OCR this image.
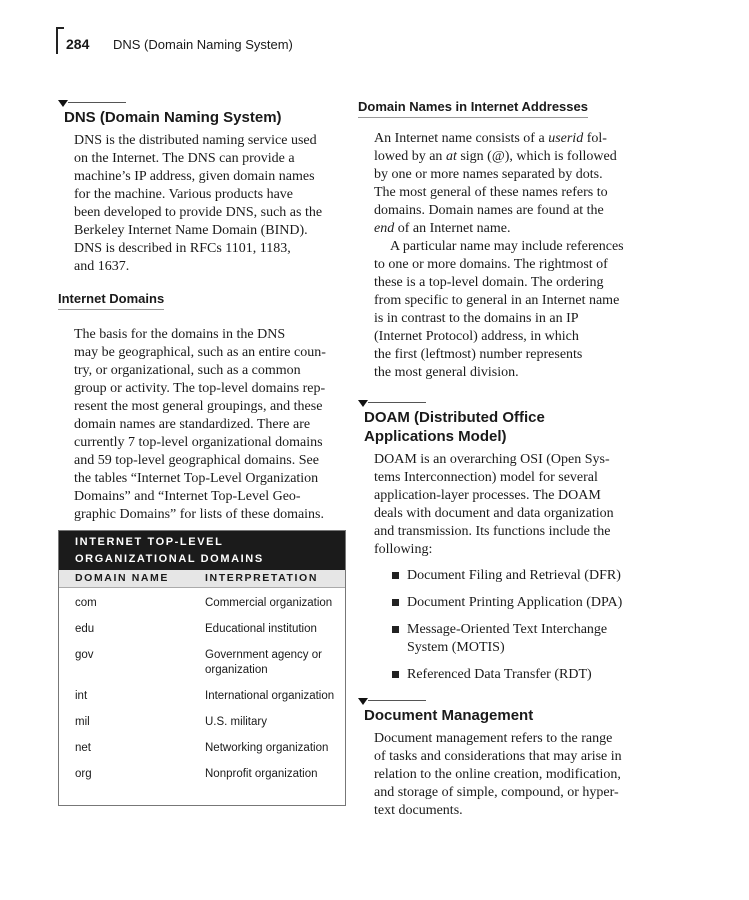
284 DNS (Domain Naming System)
DNS (Domain Naming System)
DNS is the distributed naming service used
on the Internet. The DNS can provide a
machine’s IP address, given domain names
for the machine. Various products have
been developed to provide DNS, such as the
Berkeley Internet Name Domain (BIND).
DNS is described in RFCs 1101, 1183,
and 1637.
Internet Domains
The basis for the domains in the DNS
may be geographical, such as an entire coun-
try, or organizational, such as a common
group or activity. The top-level domains rep-
resent the most general groupings, and these
domain names are standardized. There are
currently 7 top-level organizational domains
and 59 top-level geographical domains. See
the tables “Internet Top-Level Organization
Domains” and “Internet Top-Level Geo-
graphic Domains” for lists of these domains.
INTERNET TOP-LEVEL
ORGANIZATIONAL DOMAINS
DOMAIN NAME	INTERPRETATION
com	Commercial organization
edu	Educational institution
gov	Government agency or organization
int	International organization
mil	U.S. military
net	Networking organization
org	Nonprofit organization
Domain Names in Internet Addresses
An Internet name consists of a userid fol-
lowed by an at sign (@), which is followed
by one or more names separated by dots.
The most general of these names refers to
domains. Domain names are found at the
end of an Internet name.
A particular name may include references
to one or more domains. The rightmost of
these is a top-level domain. The ordering
from specific to general in an Internet name
is in contrast to the domains in an IP
(Internet Protocol) address, in which
the first (leftmost) number represents
the most general division.
DOAM (Distributed Office
Applications Model)
DOAM is an overarching OSI (Open Sys-
tems Interconnection) model for several
application-layer processes. The DOAM
deals with document and data organization
and transmission. Its functions include the
following:
Document Filing and Retrieval (DFR)
Document Printing Application (DPA)
Message-Oriented Text Interchange
System (MOTIS)
Referenced Data Transfer (RDT)
Document Management
Document management refers to the range
of tasks and considerations that may arise in
relation to the online creation, modification,
and storage of simple, compound, or hyper-
text documents.
